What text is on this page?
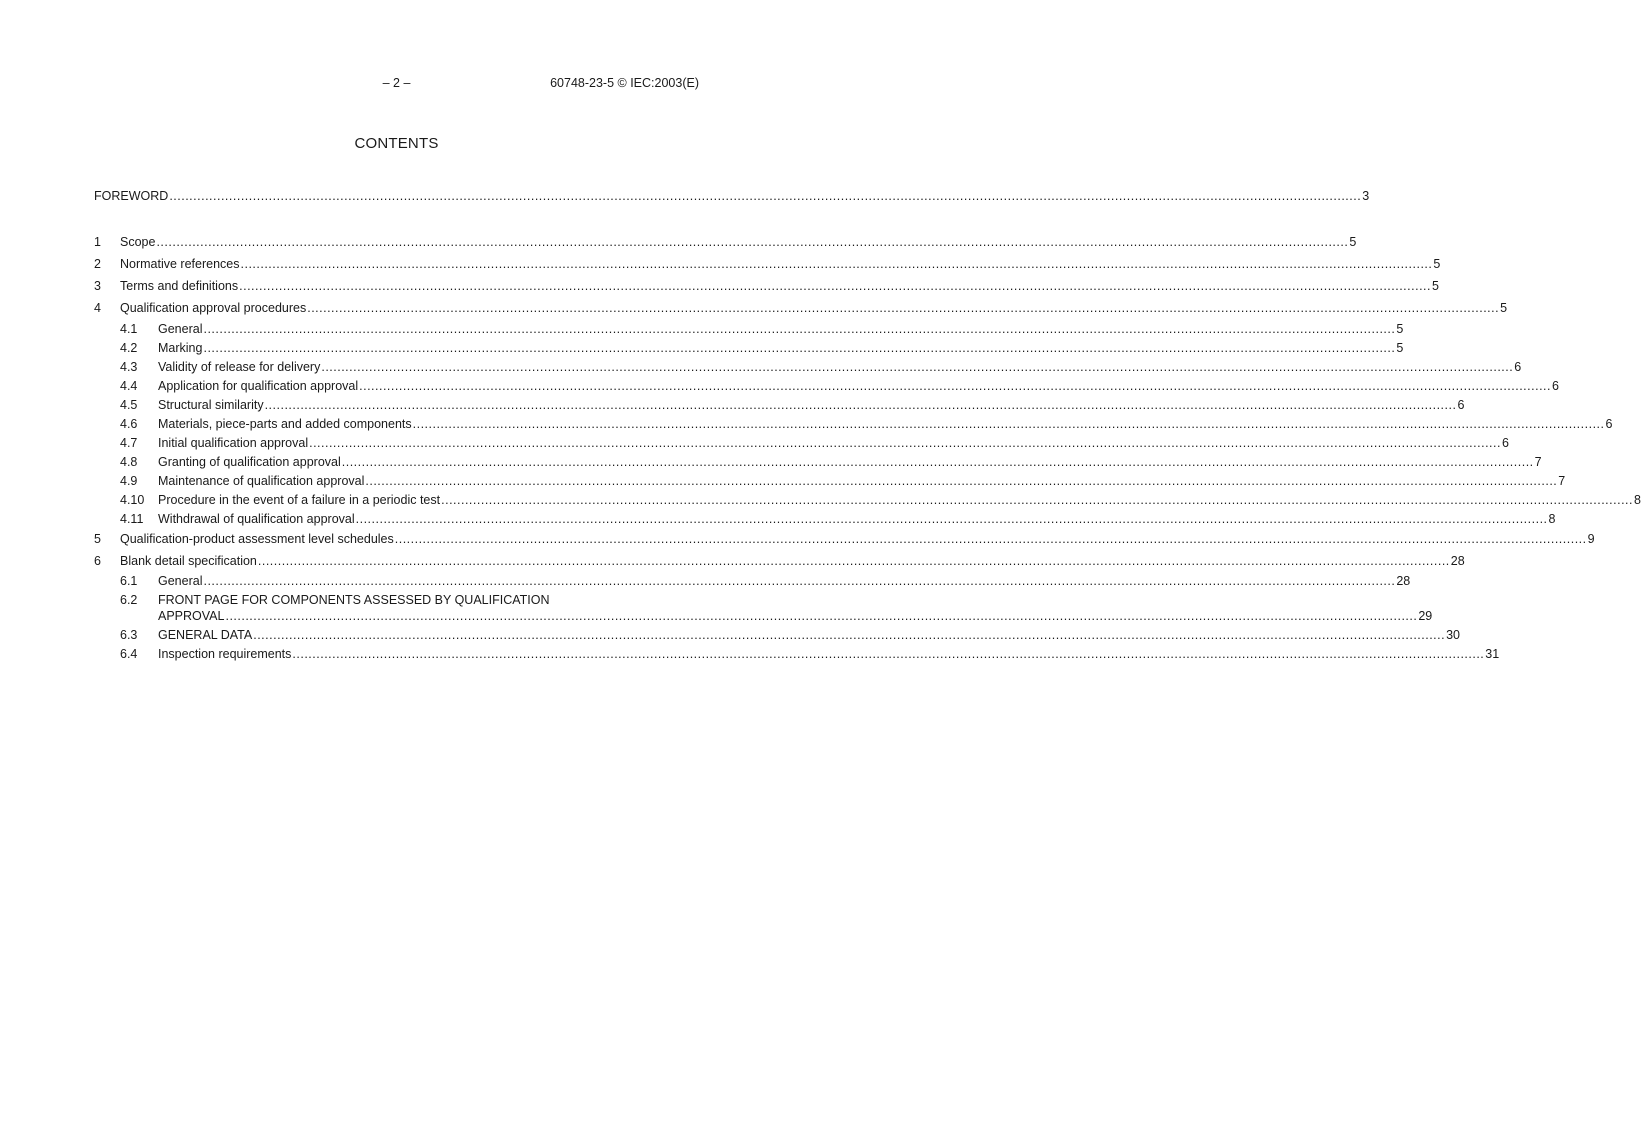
– 2 –	60748-23-5 © IEC:2003(E)
CONTENTS
FOREWORD .....	3
1	Scope .....	5
2	Normative references .....	5
3	Terms and definitions .....	5
4	Qualification approval procedures .....	5
4.1	General .....	5
4.2	Marking .....	5
4.3	Validity of release for delivery .....	6
4.4	Application for qualification approval .....	6
4.5	Structural similarity .....	6
4.6	Materials, piece-parts and added components .....	6
4.7	Initial qualification approval .....	6
4.8	Granting of qualification approval .....	7
4.9	Maintenance of qualification approval .....	7
4.10	Procedure in the event of a failure in a periodic test .....	8
4.11	Withdrawal of qualification approval .....	8
5	Qualification-product assessment level schedules .....	9
6	Blank detail specification .....	28
6.1	General .....	28
6.2	FRONT PAGE FOR COMPONENTS ASSESSED BY QUALIFICATION
APPROVAL .....	29
6.3	GENERAL DATA .....	30
6.4	Inspection requirements .....	31
